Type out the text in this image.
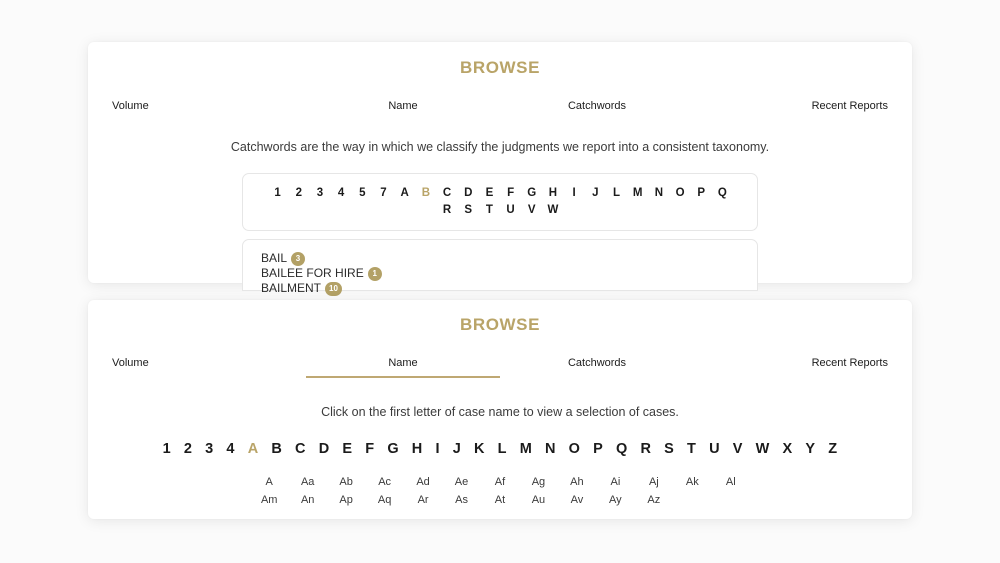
BROWSE
Volume	Name	Catchwords	Recent Reports

Catchwords are the way in which we classify the judgments we report into a consistent taxonomy.

1 2 3 4 5 7 A B C D E F G H I J L M N O P Q

R S T U V W

BAIL 3
BAILEE FOR HIRE 1
BAILMENT 10
BROWSE
Volume	Name	Catchwords	Recent Reports

Click on the first letter of case name to view a selection of cases.

1 2 3 4 A B C D E F G H I J K L M N O P Q R S T U V W X Y Z
A	Aa Ab Ac Ad Ae Af Ag Ah Ai	Aj Ak Al
Am An Ap Aq Ar As At Au Av Ay Az
